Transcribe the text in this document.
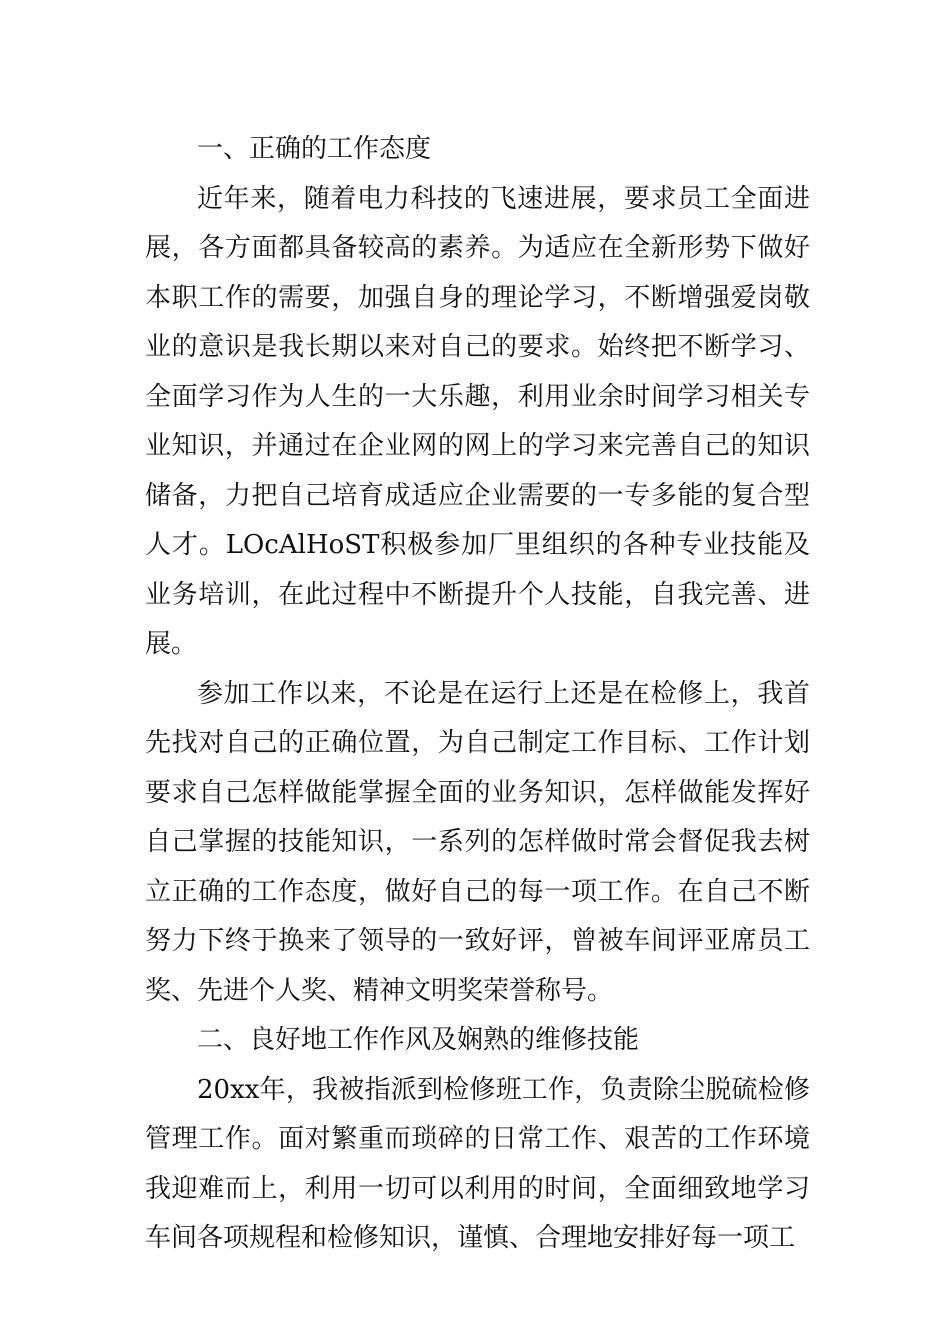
一、正确的工作态度

近年来，随着电力科技的飞速进展，要求员工全面进展，各方面都具备较高的素养。为适应在全新形势下做好本职工作的需要，加强自身的理论学习，不断增强爱岗敬业的意识是我长期以来对自己的要求。始终把不断学习、全面学习作为人生的一大乐趣，利用业余时间学习相关专业知识，并通过在企业网的网上的学习来完善自己的知识储备，力把自己培育成适应企业需要的一专多能的复合型人才。LOcAlHoST积极参加厂里组织的各种专业技能及业务培训，在此过程中不断提升个人技能，自我完善、进展。

参加工作以来，不论是在运行上还是在检修上，我首先找对自己的正确位置，为自己制定工作目标、工作计划要求自己怎样做能掌握全面的业务知识，怎样做能发挥好自己掌握的技能知识，一系列的怎样做时常会督促我去树立正确的工作态度，做好自己的每一项工作。在自己不断努力下终于换来了领导的一致好评，曾被车间评亚席员工奖、先进个人奖、精神文明奖荣誉称号。

二、良好地工作作风及娴熟的维修技能

20xx年，我被指派到检修班工作，负责除尘脱硫检修管理工作。面对繁重而琐碎的日常工作、艰苦的工作环境我迎难而上，利用一切可以利用的时间，全面细致地学习车间各项规程和检修知识，谨慎、合理地安排好每一项工
